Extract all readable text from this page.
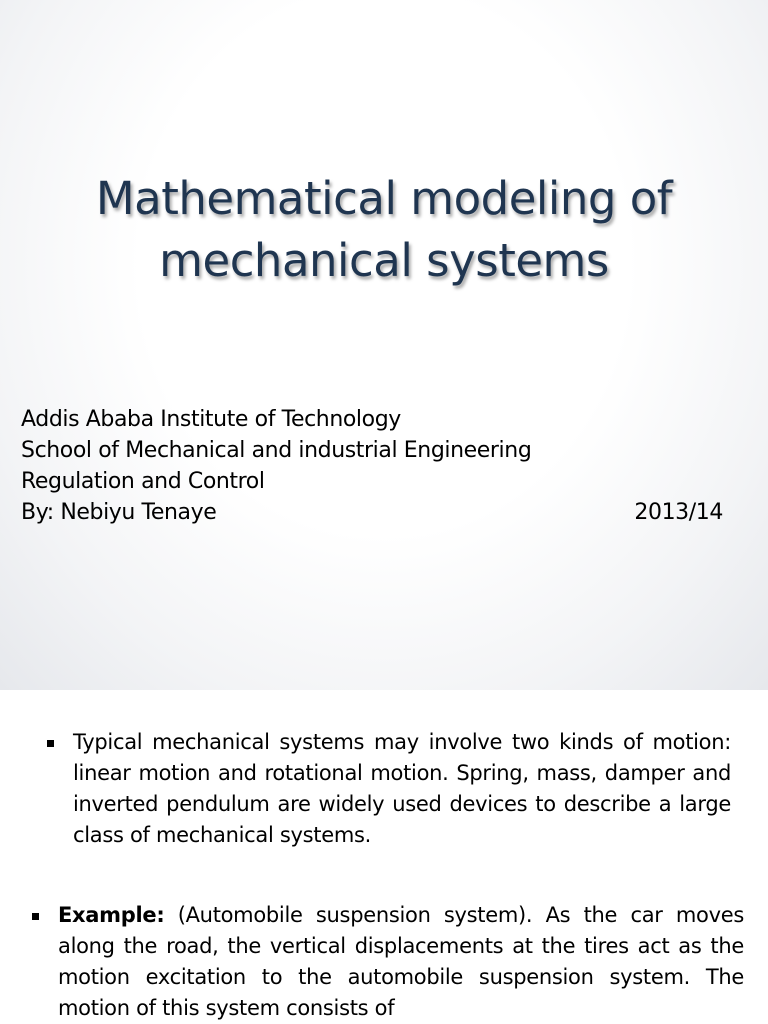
Mathematical modeling of
mechanical systems
Addis Ababa Institute of Technology
School of Mechanical and industrial Engineering
Regulation and Control
By: Nebiyu Tenaye	2013/14
Typical mechanical systems may involve two kinds of motion: linear motion and rotational motion. Spring, mass, damper and inverted pendulum are widely used devices to describe a large class of mechanical systems.
Example: (Automobile suspension system). As the car moves along the road, the vertical displacements at the tires act as the motion excitation to the automobile suspension system. The motion of this system consists of
